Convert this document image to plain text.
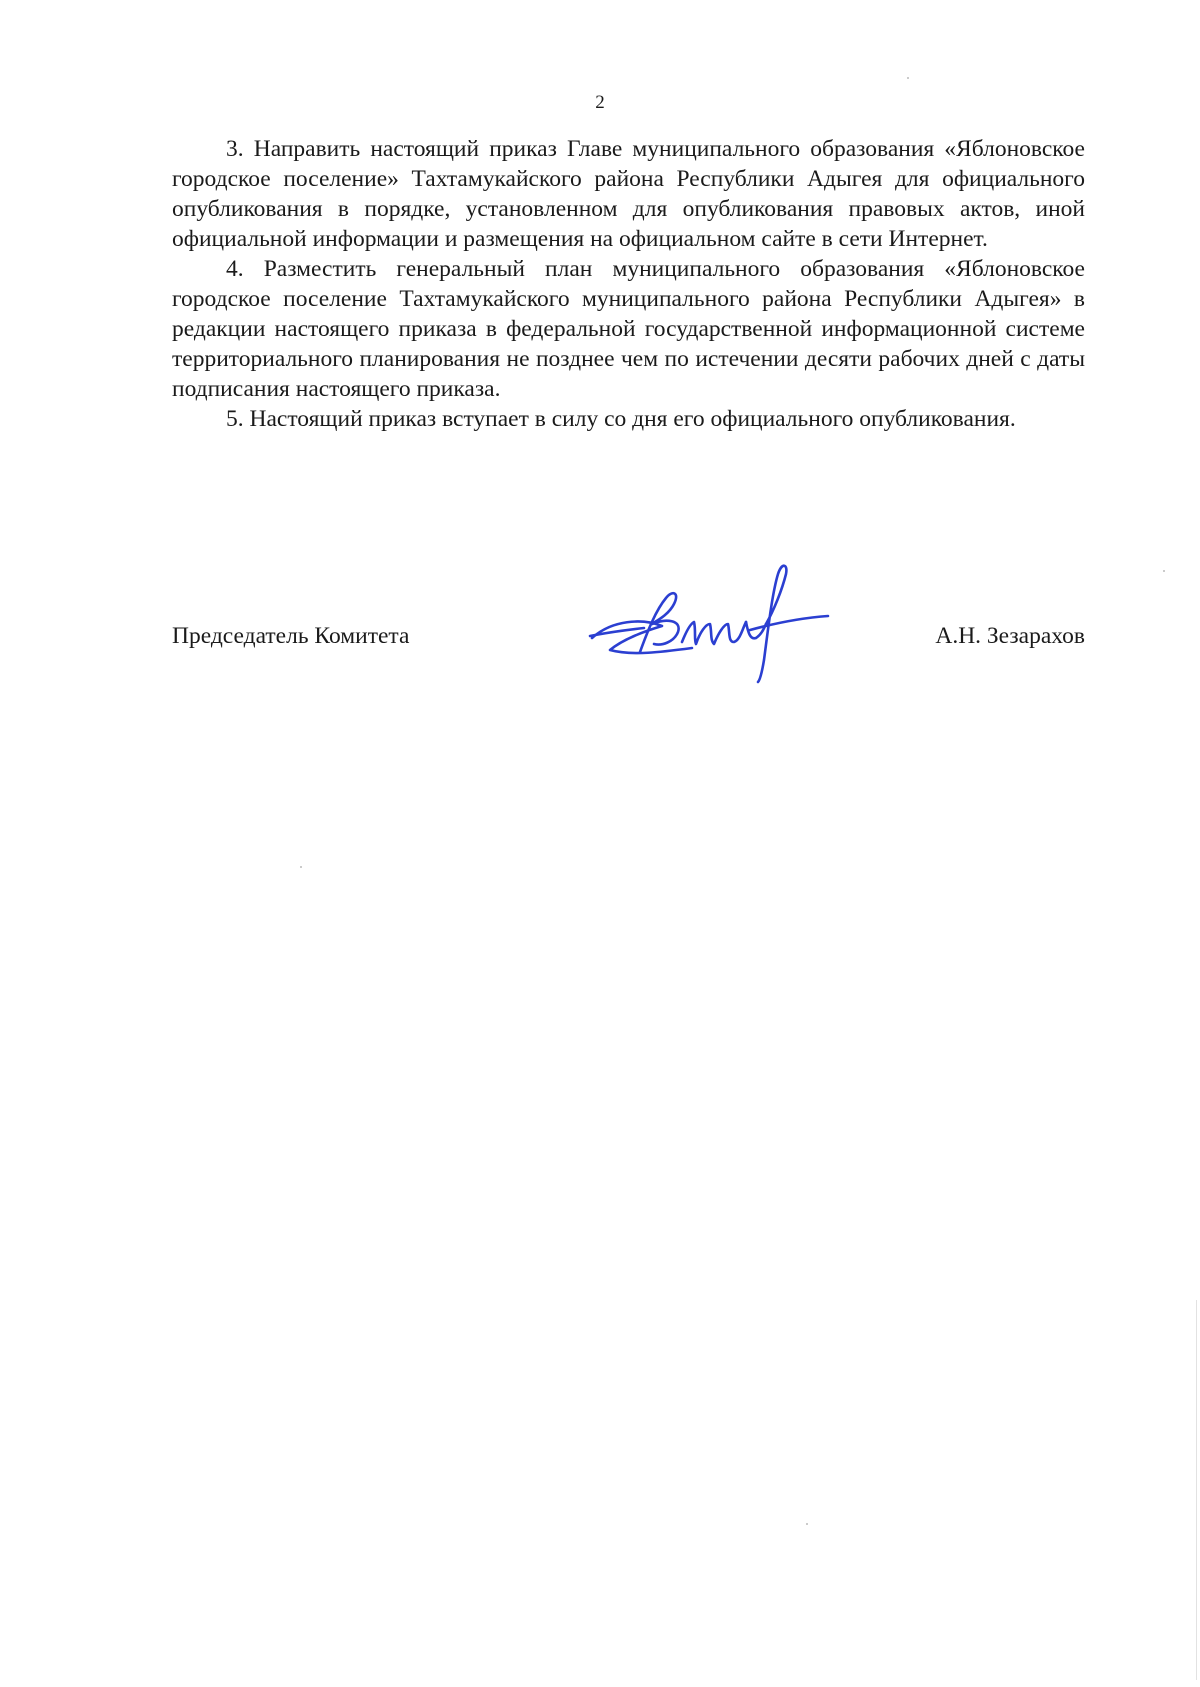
2

3. Направить настоящий приказ Главе муниципального образования «Яблоновское городское поселение» Тахтамукайского района Республики Адыгея для официального опубликования в порядке, установленном для опубликования правовых актов, иной официальной информации и размещения на официальном сайте в сети Интернет.

4. Разместить генеральный план муниципального образования «Яблоновское городское поселение Тахтамукайского муниципального района Республики Адыгея» в редакции настоящего приказа в федеральной государственной информационной системе территориального планирования не позднее чем по истечении десяти рабочих дней с даты подписания настоящего приказа.

5. Настоящий приказ вступает в силу со дня его официального опубликования.

Председатель Комитета	А.Н. Зезарахов
